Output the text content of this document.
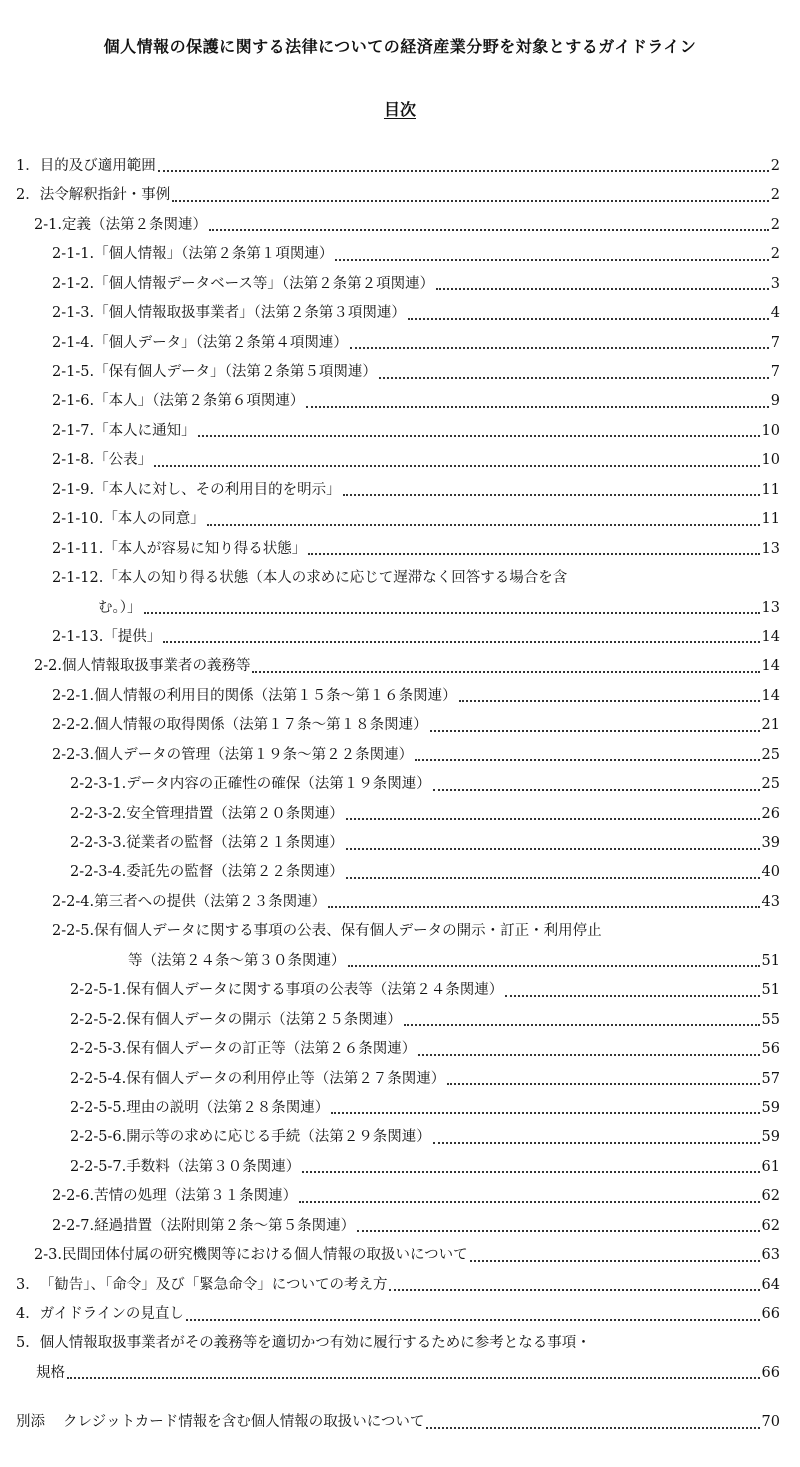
個人情報の保護に関する法律についての経済産業分野を対象とするガイドライン
目次
1． 目的及び適用範囲	2
2． 法令解釈指針・事例	2
2-1. 定義（法第２条関連）	2
2-1-1. 「個人情報」（法第２条第１項関連）	2
2-1-2. 「個人情報データベース等」（法第２条第２項関連）	3
2-1-3. 「個人情報取扱事業者」（法第２条第３項関連）	4
2-1-4. 「個人データ」（法第２条第４項関連）	7
2-1-5. 「保有個人データ」（法第２条第５項関連）	7
2-1-6. 「本人」（法第２条第６項関連）	9
2-1-7. 「本人に通知」	10
2-1-8. 「公表」	10
2-1-9. 「本人に対し、その利用目的を明示」	11
2-1-10. 「本人の同意」	11
2-1-11. 「本人が容易に知り得る状態」	13
2-1-12. 「本人の知り得る状態（本人の求めに応じて遅滞なく回答する場合を含
む。）」	13
2-1-13. 「提供」	14
2-2. 個人情報取扱事業者の義務等	14
2-2-1. 個人情報の利用目的関係（法第１５条～第１６条関連）	14
2-2-2. 個人情報の取得関係（法第１７条～第１８条関連）	21
2-2-3. 個人データの管理（法第１９条～第２２条関連）	25
2-2-3-1. データ内容の正確性の確保（法第１９条関連）	25
2-2-3-2. 安全管理措置（法第２０条関連）	26
2-2-3-3. 従業者の監督（法第２１条関連）	39
2-2-3-4. 委託先の監督（法第２２条関連）	40
2-2-4. 第三者への提供（法第２３条関連）	43
2-2-5. 保有個人データに関する事項の公表、保有個人データの開示・訂正・利用停止
等（法第２４条～第３０条関連）	51
2-2-5-1. 保有個人データに関する事項の公表等（法第２４条関連）	51
2-2-5-2. 保有個人データの開示（法第２５条関連）	55
2-2-5-3. 保有個人データの訂正等（法第２６条関連）	56
2-2-5-4. 保有個人データの利用停止等（法第２７条関連）	57
2-2-5-5. 理由の説明（法第２８条関連）	59
2-2-5-6. 開示等の求めに応じる手続（法第２９条関連）	59
2-2-5-7. 手数料（法第３０条関連）	61
2-2-6. 苦情の処理（法第３１条関連）	62
2-2-7. 経過措置（法附則第２条～第５条関連）	62
2-3. 民間団体付属の研究機関等における個人情報の取扱いについて	63
3． 「勧告」、「命令」及び「緊急命令」についての考え方	64
4． ガイドラインの見直し	66
5． 個人情報取扱事業者がその義務等を適切かつ有効に履行するために参考となる事項・
規格	66
別添	クレジットカード情報を含む個人情報の取扱いについて	70
